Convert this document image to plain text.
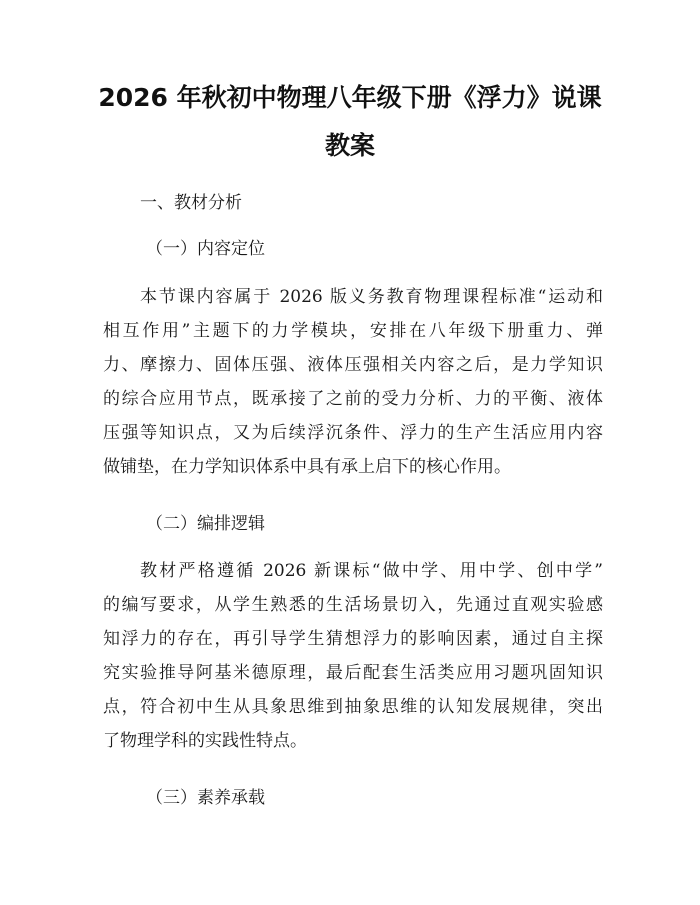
2026 年秋初中物理八年级下册《浮力》说课
教案

一、教材分析

（一）内容定位

本节课内容属于 2026 版义务教育物理课程标准“运动和
相互作用”主题下的力学模块，安排在八年级下册重力、弹
力、摩擦力、固体压强、液体压强相关内容之后，是力学知识
的综合应用节点，既承接了之前的受力分析、力的平衡、液体
压强等知识点，又为后续浮沉条件、浮力的生产生活应用内容
做铺垫，在力学知识体系中具有承上启下的核心作用。

（二）编排逻辑

教材严格遵循 2026 新课标“做中学、用中学、创中学”
的编写要求，从学生熟悉的生活场景切入，先通过直观实验感
知浮力的存在，再引导学生猜想浮力的影响因素，通过自主探
究实验推导阿基米德原理，最后配套生活类应用习题巩固知识
点，符合初中生从具象思维到抽象思维的认知发展规律，突出
了物理学科的实践性特点。

（三）素养承载
